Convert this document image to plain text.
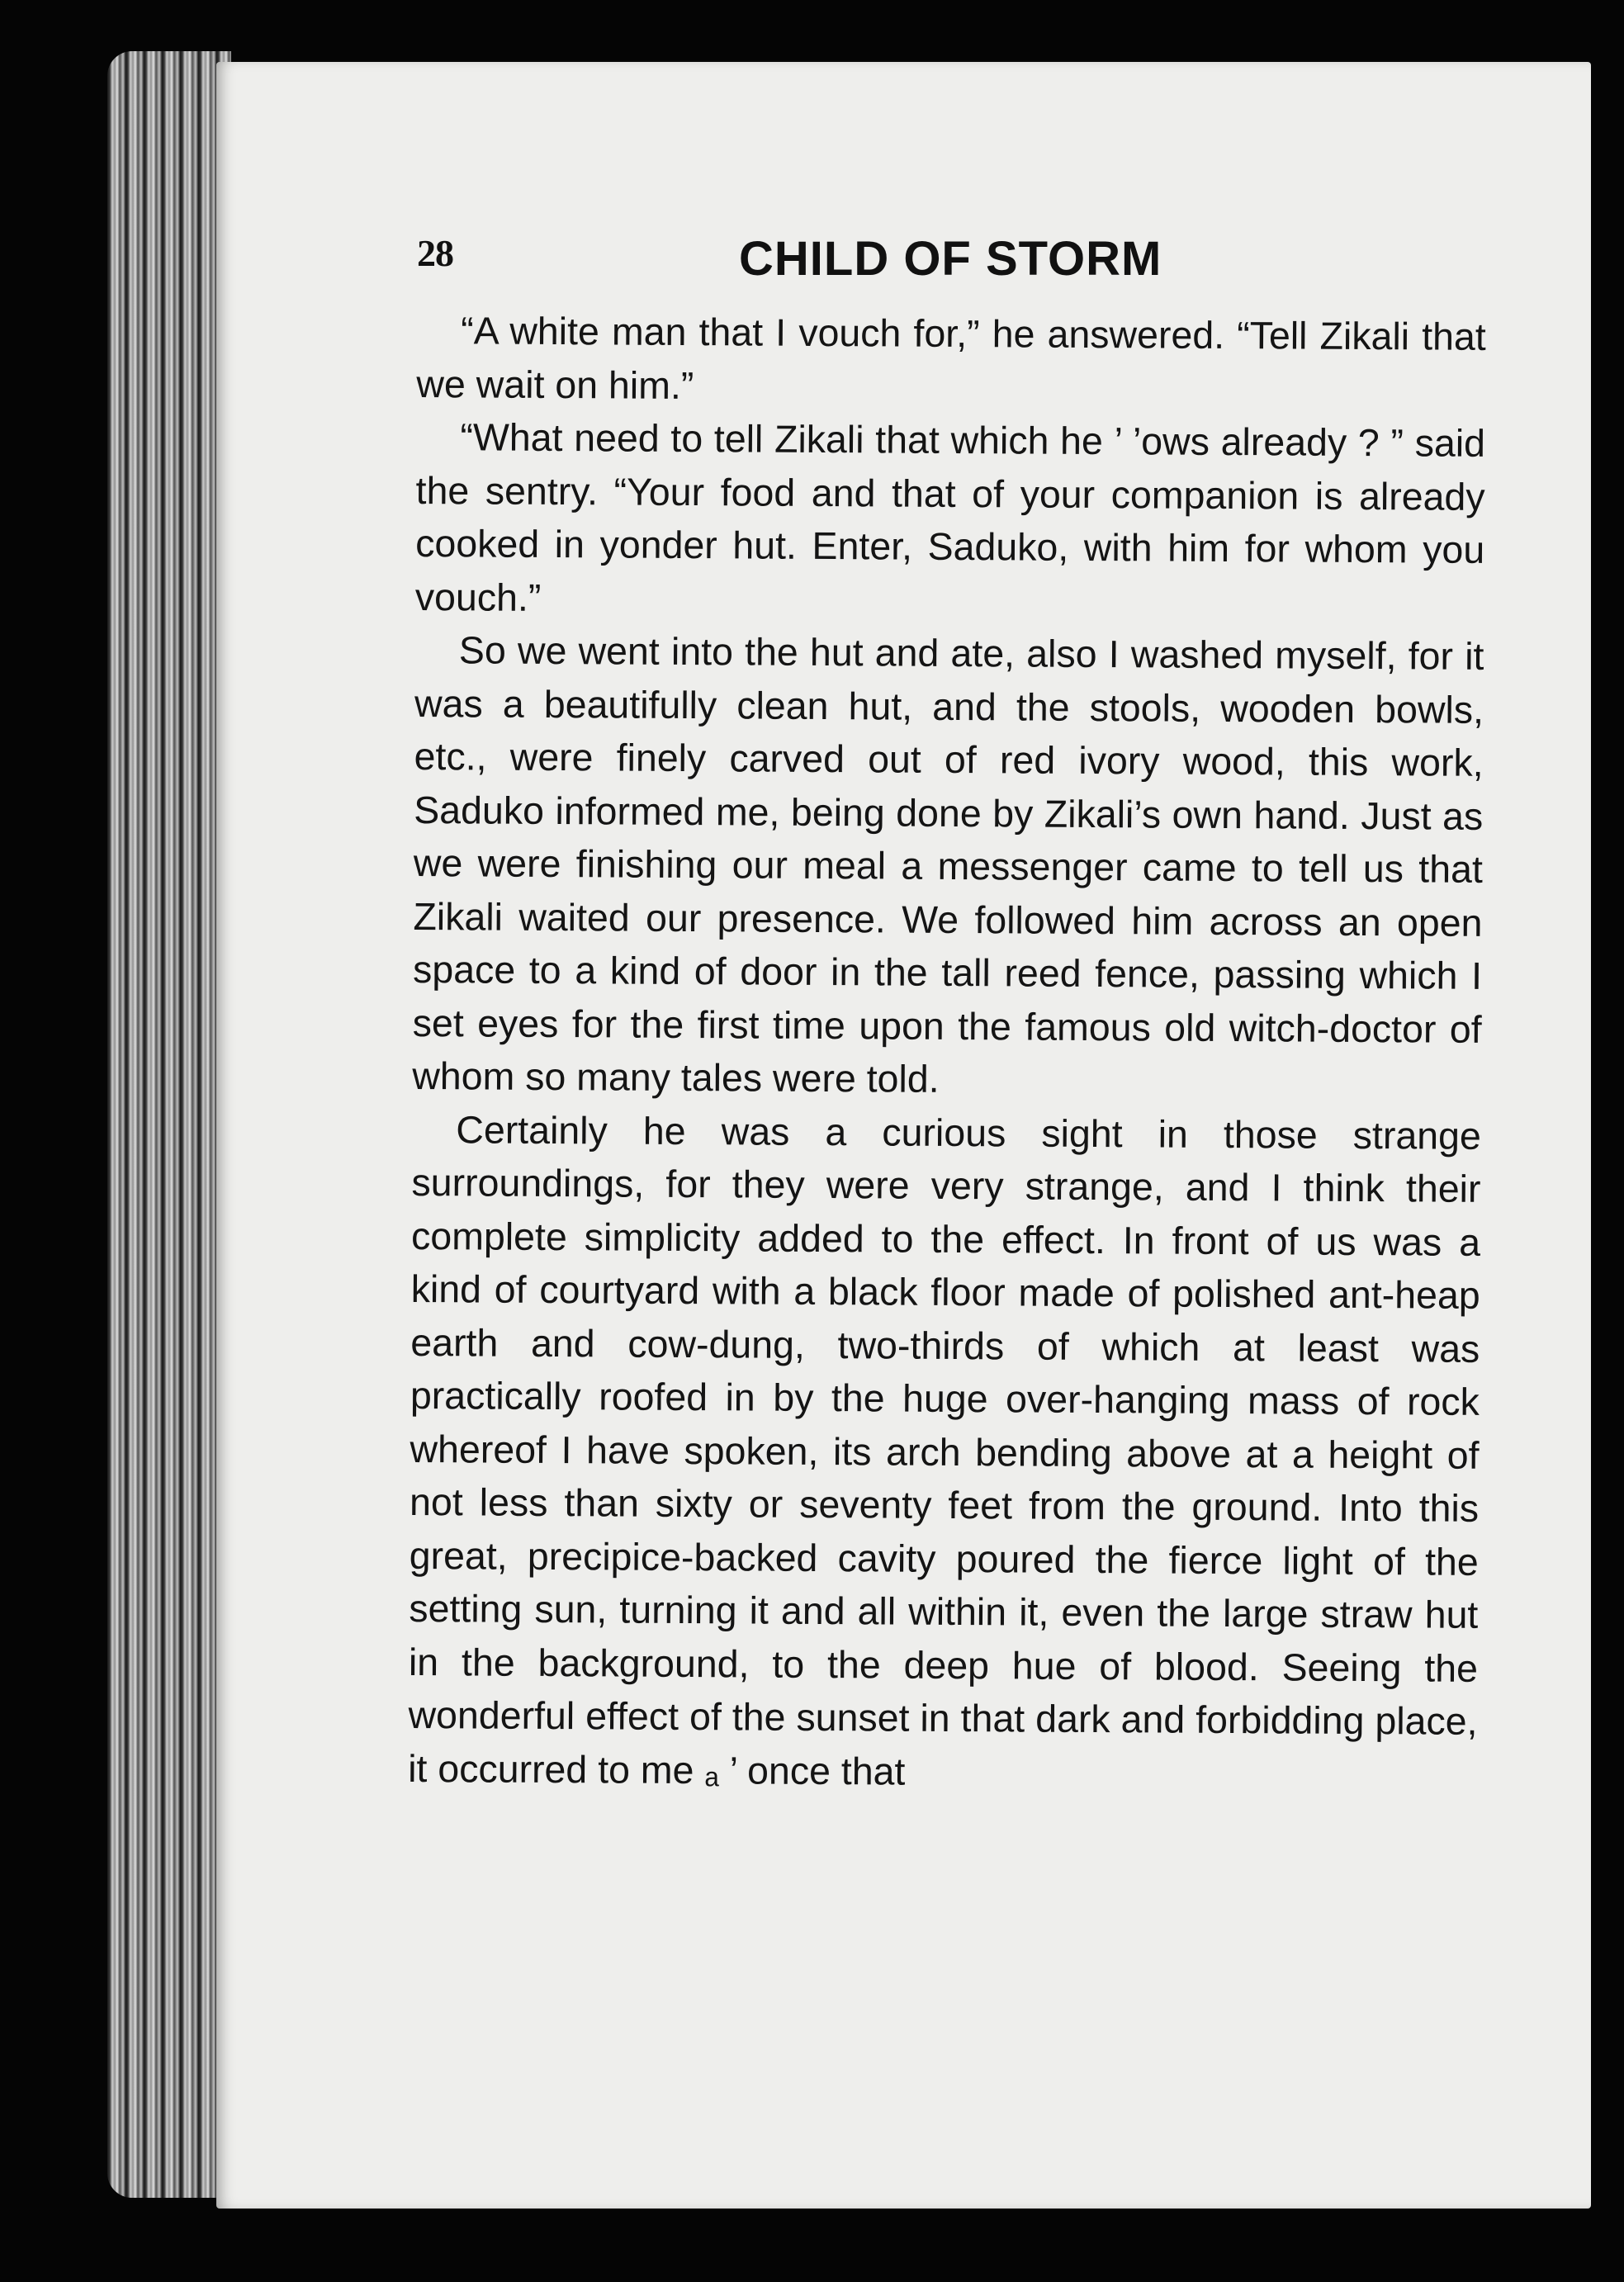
28	CHILD OF STORM

“A white man that I vouch for,” he answered. “Tell Zikali that we wait on him.”

“What need to tell Zikali that which he ’ ’ows already ? ” said the sentry. “Your food and that of your companion is already cooked in yonder hut. Enter, Saduko, with him for whom you vouch.”

So we went into the hut and ate, also I washed myself, for it was a beautifully clean hut, and the stools, wooden bowls, etc., were finely carved out of red ivory wood, this work, Saduko informed me, being done by Zikali’s own hand. Just as we were finishing our meal a messenger came to tell us that Zikali waited our presence. We followed him across an open space to a kind of door in the tall reed fence, passing which I set eyes for the first time upon the famous old witch-doctor of whom so many tales were told.

Certainly he was a curious sight in those strange surroundings, for they were very strange, and I think their complete simplicity added to the effect. In front of us was a kind of courtyard with a black floor made of polished ant-heap earth and cow-dung, two-thirds of which at least was practically roofed in by the huge over-hanging mass of rock whereof I have spoken, its arch bending above at a height of not less than sixty or seventy feet from the ground. Into this great, precipice-backed cavity poured the fierce light of the setting sun, turning it and all within it, even the large straw hut in the background, to the deep hue of blood. Seeing the wonderful effect of the sunset in that dark and forbidding place, it occurred to me ₐ ’ once that
